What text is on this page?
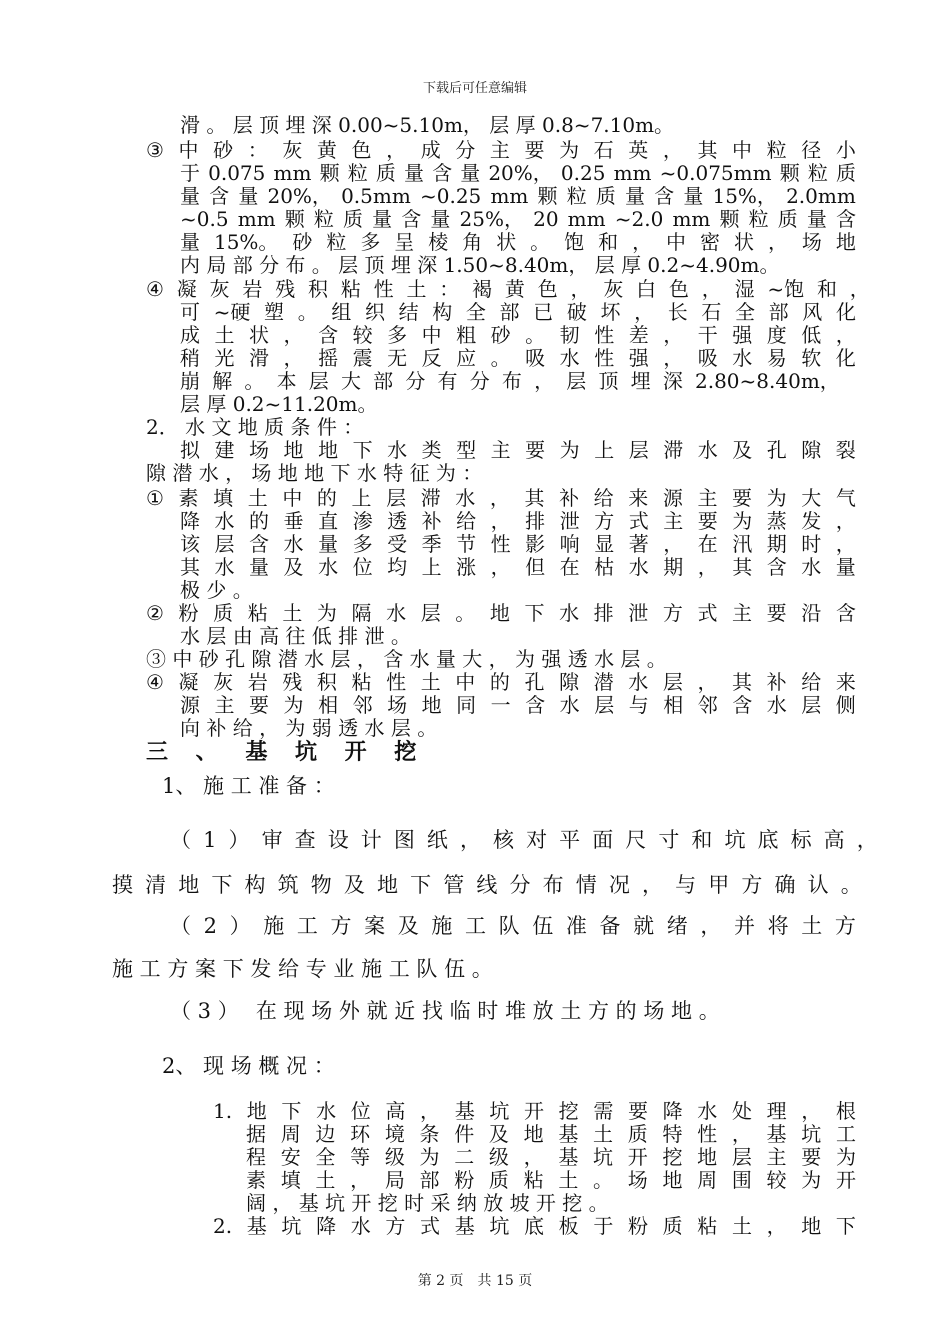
下载后可任意编辑
滑 。 层 顶 埋 深 0.00~5.10m， 层 厚 0.8~7.10m。
③ 中 砂 ： 灰 黄 色 ， 成 分 主 要 为 石 英 ， 其 中 粒 径 小
于 0.075 mm 颗 粒 质 量 含 量 20%， 0.25 mm ~0.075mm 颗 粒 质
量 含 量 20%， 0.5mm ~0.25 mm 颗 粒 质 量 含 量 15%， 2.0mm
~0.5 mm 颗 粒 质 量 含 量 25%， 20 mm ~2.0 mm 颗 粒 质 量 含
量 15%。 砂 粒 多 呈 棱 角 状 。 饱 和 ， 中 密 状 ， 场 地
内 局 部 分 布 。 层 顶 埋 深 1.50~8.40m， 层 厚 0.2~4.90m。
④ 凝 灰 岩 残 积 粘 性 土 ： 褐 黄 色 ， 灰 白 色 ， 湿 ~饱 和 ，
可 ~硬 塑 。 组 织 结 构 全 部 已 破 坏 ， 长 石 全 部 风 化
成 土 状 ， 含 较 多 中 粗 砂 。 韧 性 差 ， 干 强 度 低 ，
稍 光 滑 ， 摇 震 无 反 应 。 吸 水 性 强 ， 吸 水 易 软 化
崩 解 。 本 层 大 部 分 有 分 布 ， 层 顶 埋 深 2.80~8.40m，
层 厚 0.2~11.20m。
2． 水 文 地 质 条 件 ：
拟 建 场 地 地 下 水 类 型 主 要 为 上 层 滞 水 及 孔 隙 裂
隙 潜 水 ， 场 地 地 下 水 特 征 为 ：
① 素 填 土 中 的 上 层 滞 水 ， 其 补 给 来 源 主 要 为 大 气
降 水 的 垂 直 渗 透 补 给 ， 排 泄 方 式 主 要 为 蒸 发 ，
该 层 含 水 量 多 受 季 节 性 影 响 显 著 ， 在 汛 期 时 ，
其 水 量 及 水 位 均 上 涨 ， 但 在 枯 水 期 ， 其 含 水 量
极 少 。
② 粉 质 粘 土 为 隔 水 层 。 地 下 水 排 泄 方 式 主 要 沿 含
水 层 由 高 往 低 排 泄 。
③ 中 砂 孔 隙 潜 水 层 ， 含 水 量 大 ， 为 强 透 水 层 。
④ 凝 灰 岩 残 积 粘 性 土 中 的 孔 隙 潜 水 层 ， 其 补 给 来
源 主 要 为 相 邻 场 地 同 一 含 水 层 与 相 邻 含 水 层 侧
向 补 给 ， 为 弱 透 水 层 。
三 、 基 坑 开 挖
1、 施 工 准 备 ：
（ 1 ） 审 查 设 计 图 纸 ， 核 对 平 面 尺 寸 和 坑 底 标 高 ，
摸 清 地 下 构 筑 物 及 地 下 管 线 分 布 情 况 ， 与 甲 方 确 认 。
（ 2 ） 施 工 方 案 及 施 工 队 伍 准 备 就 绪 ， 并 将 土 方
施 工 方 案 下 发 给 专 业 施 工 队 伍 。
（ 3 ）　 在 现 场 外 就 近 找 临 时 堆 放 土 方 的 场 地 。
2、 现 场 概 况 ：
1. 地 下 水 位 高 ， 基 坑 开 挖 需 要 降 水 处 理 ， 根
据 周 边 环 境 条 件 及 地 基 土 质 特 性 ， 基 坑 工
程 安 全 等 级 为 二 级 ， 基 坑 开 挖 地 层 主 要 为
素 填 土 ， 局 部 粉 质 粘 土 。 场 地 周 围 较 为 开
阔 ， 基 坑 开 挖 时 采 纳 放 坡 开 挖 。
2. 基 坑 降 水 方 式 基 坑 底 板 于 粉 质 粘 土 ， 地 下
第 2 页　共 15 页
